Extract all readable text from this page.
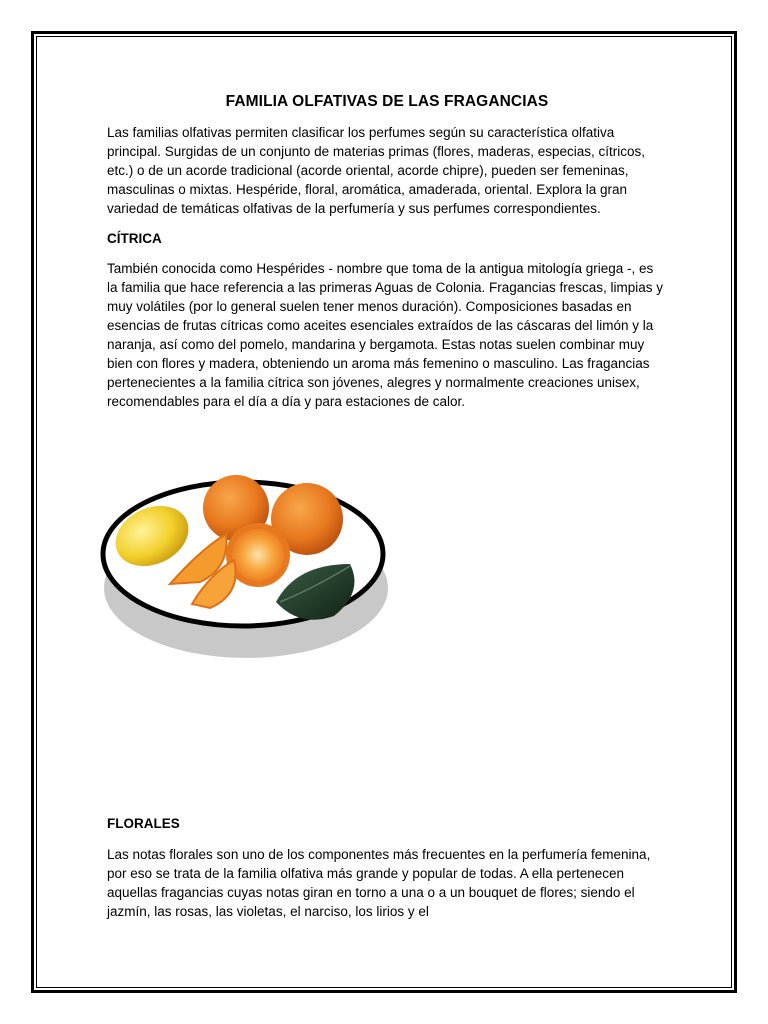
FAMILIA OLFATIVAS DE LAS FRAGANCIAS

Las familias olfativas permiten clasificar los perfumes según su característica olfativa principal. Surgidas de un conjunto de materias primas (flores, maderas, especias, cítricos, etc.) o de un acorde tradicional (acorde oriental, acorde chipre), pueden ser femeninas, masculinas o mixtas. Hespéride, floral, aromática, amaderada, oriental. Explora la gran variedad de temáticas olfativas de la perfumería y sus perfumes correspondientes.

CÍTRICA

También conocida como Hespérides - nombre que toma de la antigua mitología griega -, es la familia que hace referencia a las primeras Aguas de Colonia. Fragancias frescas, limpias y muy volátiles (por lo general suelen tener menos duración). Composiciones basadas en esencias de frutas cítricas como aceites esenciales extraídos de las cáscaras del limón y la naranja, así como del pomelo, mandarina y bergamota. Estas notas suelen combinar muy bien con flores y madera, obteniendo un aroma más femenino o masculino. Las fragancias pertenecientes a la familia cítrica son jóvenes, alegres y normalmente creaciones unisex, recomendables para el día a día y para estaciones de calor.

FLORALES

Las notas florales son uno de los componentes más frecuentes en la perfumería femenina, por eso se trata de la familia olfativa más grande y popular de todas. A ella pertenecen aquellas fragancias cuyas notas giran en torno a una o a un bouquet de flores; siendo el jazmín, las rosas, las violetas, el narciso, los lirios y el
